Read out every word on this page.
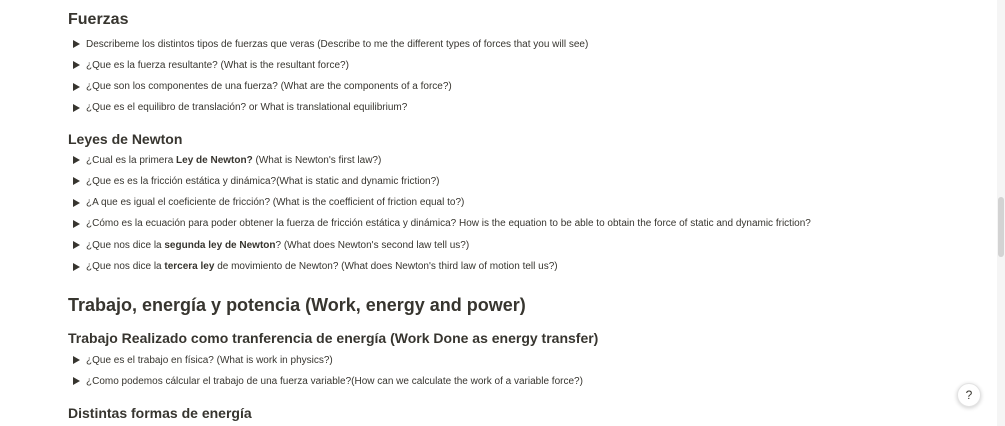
Fuerzas
Describeme los distintos tipos de fuerzas que veras (Describe to me the different types of forces that you will see)
¿Que es la fuerza resultante? (What is the resultant force?)
¿Que son los componentes de una fuerza? (What are the components of a force?)
¿Que es el equilibro de translación? or What is translational equilibrium?
Leyes de Newton
¿Cual es la primera Ley de Newton? (What is Newton's first law?)
¿Que es es la fricción estática y dinámica?(What is static and dynamic friction?)
¿A que es igual el coeficiente de fricción? (What is the coefficient of friction equal to?)
¿Cómo es la ecuación para poder obtener la fuerza de fricción estática y dinámica? How is the equation to be able to obtain the force of static and dynamic friction?
¿Que nos dice la segunda ley de Newton? (What does Newton's second law tell us?)
¿Que nos dice la tercera ley de movimiento de Newton? (What does Newton's third law of motion tell us?)
Trabajo, energía y potencia (Work, energy and power)
Trabajo Realizado como tranferencia de energía (Work Done as energy transfer)
¿Que es el trabajo en física? (What is work in physics?)
¿Como podemos cálcular el trabajo de una fuerza variable?(How can we calculate the work of a variable force?)
Distintas formas de energía
?
